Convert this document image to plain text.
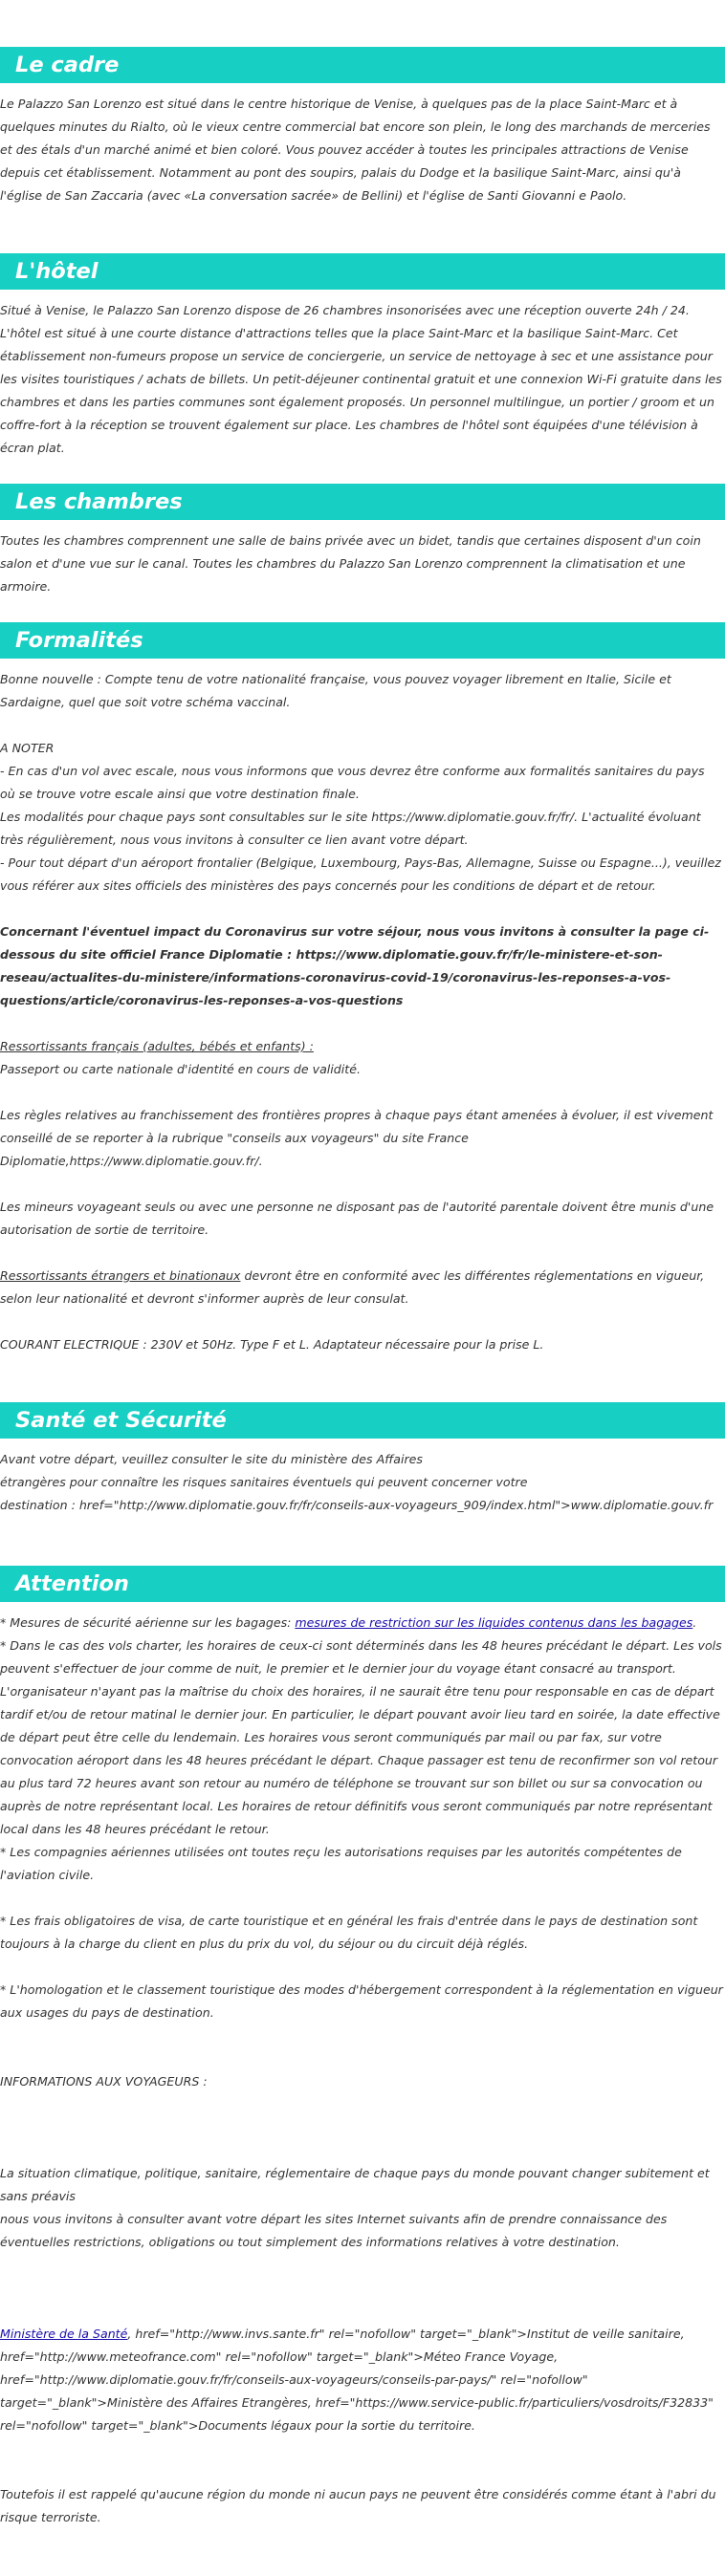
Le cadre

Le Palazzo San Lorenzo est situé dans le centre historique de Venise, à quelques pas de la place Saint-Marc et à quelques minutes du Rialto, où le vieux centre commercial bat encore son plein, le long des marchands de merceries et des étals d'un marché animé et bien coloré. Vous pouvez accéder à toutes les principales attractions de Venise depuis cet établissement. Notamment au pont des soupirs, palais du Dodge et la basilique Saint-Marc, ainsi qu'à l'église de San Zaccaria (avec «La conversation sacrée» de Bellini) et l'église de Santi Giovanni e Paolo.

L'hôtel

Situé à Venise, le Palazzo San Lorenzo dispose de 26 chambres insonorisées avec une réception ouverte 24h / 24. L'hôtel est situé à une courte distance d'attractions telles que la place Saint-Marc et la basilique Saint-Marc. Cet établissement non-fumeurs propose un service de conciergerie, un service de nettoyage à sec et une assistance pour les visites touristiques / achats de billets. Un petit-déjeuner continental gratuit et une connexion Wi-Fi gratuite dans les chambres et dans les parties communes sont également proposés. Un personnel multilingue, un portier / groom et un coffre-fort à la réception se trouvent également sur place. Les chambres de l'hôtel sont équipées d'une télévision à écran plat.

Les chambres

Toutes les chambres comprennent une salle de bains privée avec un bidet, tandis que certaines disposent d'un coin salon et d'une vue sur le canal. Toutes les chambres du Palazzo San Lorenzo comprennent la climatisation et une armoire.

Formalités

Bonne nouvelle : Compte tenu de votre nationalité française, vous pouvez voyager librement en Italie, Sicile et Sardaigne, quel que soit votre schéma vaccinal.

A NOTER

- En cas d'un vol avec escale, nous vous informons que vous devrez être conforme aux formalités sanitaires du pays où se trouve votre escale ainsi que votre destination finale.

Les modalités pour chaque pays sont consultables sur le site https://www.diplomatie.gouv.fr/fr/. L'actualité évoluant très régulièrement, nous vous invitons à consulter ce lien avant votre départ.

- Pour tout départ d'un aéroport frontalier (Belgique, Luxembourg, Pays-Bas, Allemagne, Suisse ou Espagne...), veuillez vous référer aux sites officiels des ministères des pays concernés pour les conditions de départ et de retour.

Concernant l'éventuel impact du Coronavirus sur votre séjour, nous vous invitons à consulter la page ci-dessous du site officiel France Diplomatie : https://www.diplomatie.gouv.fr/fr/le-ministere-et-son-reseau/actualites-du-ministere/informations-coronavirus-covid-19/coronavirus-les-reponses-a-vos-questions/article/coronavirus-les-reponses-a-vos-questions

Ressortissants français (adultes, bébés et enfants) :

Passeport ou carte nationale d'identité en cours de validité.

Les règles relatives au franchissement des frontières propres à chaque pays étant amenées à évoluer, il est vivement conseillé de se reporter à la rubrique "conseils aux voyageurs" du site France Diplomatie,https://www.diplomatie.gouv.fr/.

Les mineurs voyageant seuls ou avec une personne ne disposant pas de l'autorité parentale doivent être munis d'une autorisation de sortie de territoire.

Ressortissants étrangers et binationaux devront être en conformité avec les différentes réglementations en vigueur, selon leur nationalité et devront s'informer auprès de leur consulat.

COURANT ELECTRIQUE : 230V et 50Hz. Type F et L. Adaptateur nécessaire pour la prise L.

Santé et Sécurité

Avant votre départ, veuillez consulter le site du ministère des Affaires

étrangères pour connaître les risques sanitaires éventuels qui peuvent concerner votre

destination : href="http://www.diplomatie.gouv.fr/fr/conseils-aux-voyageurs_909/index.html">www.diplomatie.gouv.fr

Attention

* Mesures de sécurité aérienne sur les bagages: mesures de restriction sur les liquides contenus dans les bagages.

* Dans le cas des vols charter, les horaires de ceux-ci sont déterminés dans les 48 heures précédant le départ. Les vols peuvent s'effectuer de jour comme de nuit, le premier et le dernier jour du voyage étant consacré au transport. L'organisateur n'ayant pas la maîtrise du choix des horaires, il ne saurait être tenu pour responsable en cas de départ tardif et/ou de retour matinal le dernier jour. En particulier, le départ pouvant avoir lieu tard en soirée, la date effective de départ peut être celle du lendemain. Les horaires vous seront communiqués par mail ou par fax, sur votre convocation aéroport dans les 48 heures précédant le départ. Chaque passager est tenu de reconfirmer son vol retour au plus tard 72 heures avant son retour au numéro de téléphone se trouvant sur son billet ou sur sa convocation ou auprès de notre représentant local. Les horaires de retour définitifs vous seront communiqués par notre représentant local dans les 48 heures précédant le retour.

* Les compagnies aériennes utilisées ont toutes reçu les autorisations requises par les autorités compétentes de l'aviation civile.

* Les frais obligatoires de visa, de carte touristique et en général les frais d'entrée dans le pays de destination sont toujours à la charge du client en plus du prix du vol, du séjour ou du circuit déjà réglés.

* L'homologation et le classement touristique des modes d'hébergement correspondent à la réglementation en vigueur aux usages du pays de destination.

INFORMATIONS AUX VOYAGEURS :

La situation climatique, politique, sanitaire, réglementaire de chaque pays du monde pouvant changer subitement et sans préavis

nous vous invitons à consulter avant votre départ les sites Internet suivants afin de prendre connaissance des éventuelles restrictions, obligations ou tout simplement des informations relatives à votre destination.

Ministère de la Santé, href="http://www.invs.sante.fr" rel="nofollow" target="_blank">Institut de veille sanitaire, href="http://www.meteofrance.com" rel="nofollow" target="_blank">Méteo France Voyage, href="http://www.diplomatie.gouv.fr/fr/conseils-aux-voyageurs/conseils-par-pays/" rel="nofollow" target="_blank">Ministère des Affaires Etrangères, href="https://www.service-public.fr/particuliers/vosdroits/F32833" rel="nofollow" target="_blank">Documents légaux pour la sortie du territoire.

Toutefois il est rappelé qu'aucune région du monde ni aucun pays ne peuvent être considérés comme étant à l'abri du risque terroriste.
